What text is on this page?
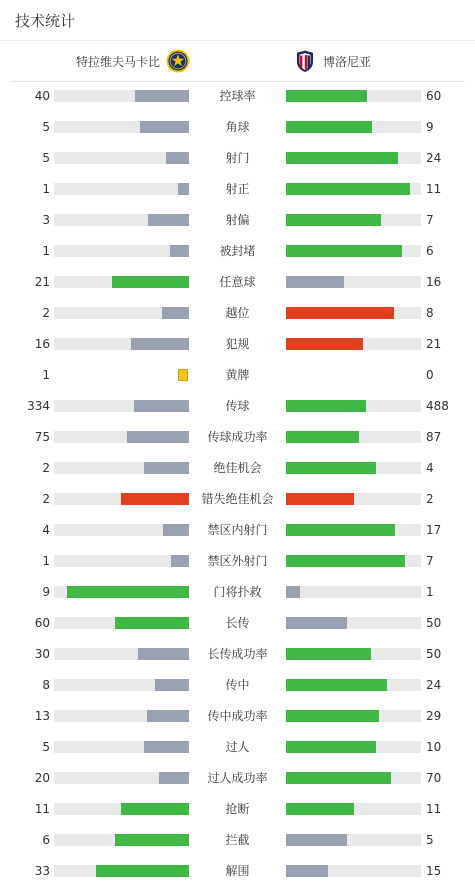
技术统计
特拉维夫马卡比	博洛尼亚
40	控球率	60
5	角球	9
5	射门	24
1	射正	11
3	射偏	7
1	被封堵	6
21	任意球	16
2	越位	8
16	犯规	21
1	黄牌	0
334	传球	488
75	传球成功率	87
2	绝佳机会	4
2	错失绝佳机会	2
4	禁区内射门	17
1	禁区外射门	7
9	门将扑救	1
60	长传	50
30	长传成功率	50
8	传中	24
13	传中成功率	29
5	过人	10
20	过人成功率	70
11	抢断	11
6	拦截	5
33	解围	15
